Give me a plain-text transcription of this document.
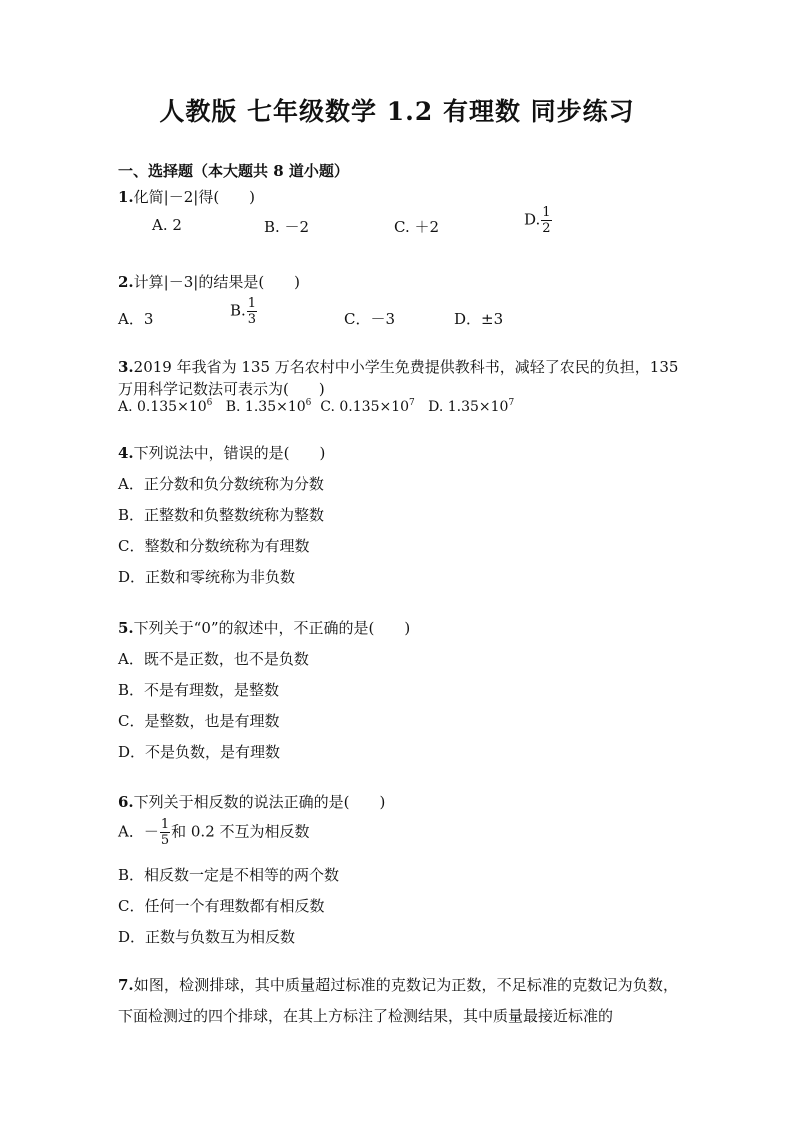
人教版 七年级数学 1.2 有理数 同步练习
一、选择题（本大题共 8 道小题）
1.化简|－2|得(　　)
A. 2	B. －2	C. ＋2	D. $\frac{1}{2}$
2.计算|－3|的结果是(　　)
A．3	B. $\frac{1}{3}$	C．－3	D．±3
3.2019 年我省为 135 万名农村中小学生免费提供教科书，减轻了农民的负担，135
万用科学记数法可表示为(　　)
A. $0.135\times 10^6$ B. $1.35\times 10^6$ C. $0.135\times 10^7$ D. $1.35\times 10^7$
4.下列说法中，错误的是(　　)
A．正分数和负分数统称为分数
B．正整数和负整数统称为整数
C．整数和分数统称为有理数
D．正数和零统称为非负数
5.下列关于“0”的叙述中，不正确的是(　　)
A．既不是正数，也不是负数
B．不是有理数，是整数
C．是整数，也是有理数
D．不是负数，是有理数
6.下列关于相反数的说法正确的是(　　)
A．－ $\frac{1}{5}$ 和 0.2 不互为相反数
B．相反数一定是不相等的两个数
C．任何一个有理数都有相反数
D．正数与负数互为相反数
7.如图，检测排球，其中质量超过标准的克数记为正数，不足标准的克数记为负数，下面检测过的四个排球，在其上方标注了检测结果，其中质量最接近标准的
